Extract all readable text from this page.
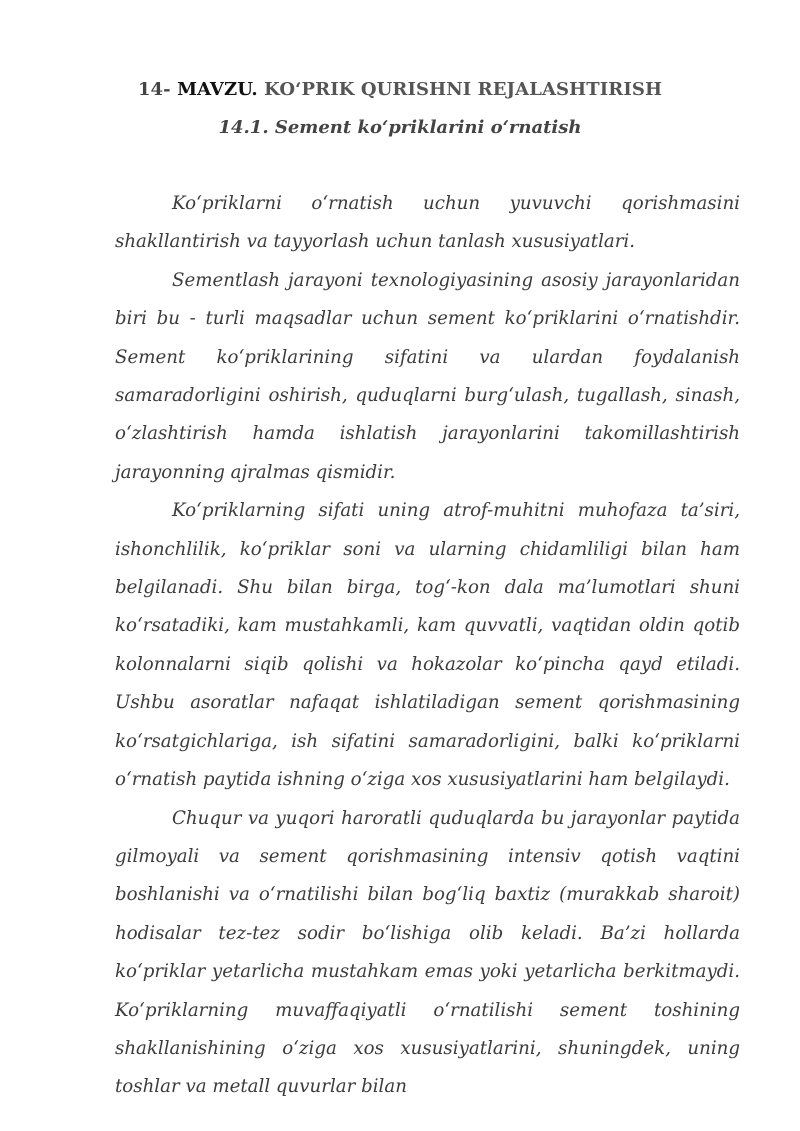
14- MAVZU. KO‘PRIK QURISHNI REJALASHTIRISH
14.1. Sement ko‘priklarini o‘rnatish

Ko‘priklarni o‘rnatish uchun yuvuvchi qorishmasini shakllantirish va tayyorlash uchun tanlash xususiyatlari.

Sementlash jarayoni texnologiyasining asosiy jarayonlaridan biri bu - turli maqsadlar uchun sement ko‘priklarini o‘rnatishdir. Sement ko‘priklarining sifatini va ulardan foydalanish samaradorligini oshirish, quduqlarni burg‘ulash, tugallash, sinash, o‘zlashtirish hamda ishlatish jarayonlarini takomillashtirish jarayonning ajralmas qismidir.

Ko‘priklarning sifati uning atrof-muhitni muhofaza ta’siri, ishonchlilik, ko‘priklar soni va ularning chidamliligi bilan ham belgilanadi. Shu bilan birga, tog‘-kon dala ma’lumotlari shuni ko‘rsatadiki, kam mustahkamli, kam quvvatli, vaqtidan oldin qotib kolonnalarni siqib qolishi va hokazolar ko‘pincha qayd etiladi. Ushbu asoratlar nafaqat ishlatiladigan sement qorishmasining ko‘rsatgichlariga, ish sifatini samaradorligini, balki ko‘priklarni o‘rnatish paytida ishning o‘ziga xos xususiyatlarini ham belgilaydi.

Chuqur va yuqori haroratli quduqlarda bu jarayonlar paytida gilmoyali va sement qorishmasining intensiv qotish vaqtini boshlanishi va o‘rnatilishi bilan bog‘liq baxtiz (murakkab sharoit) hodisalar tez-tez sodir bo‘lishiga olib keladi. Ba’zi hollarda ko‘priklar yetarlicha mustahkam emas yoki yetarlicha berkitmaydi. Ko‘priklarning muvaffaqiyatli o‘rnatilishi sement toshining shakllanishining o‘ziga xos xususiyatlarini, shuningdek, uning toshlar va metall quvurlar bilan
